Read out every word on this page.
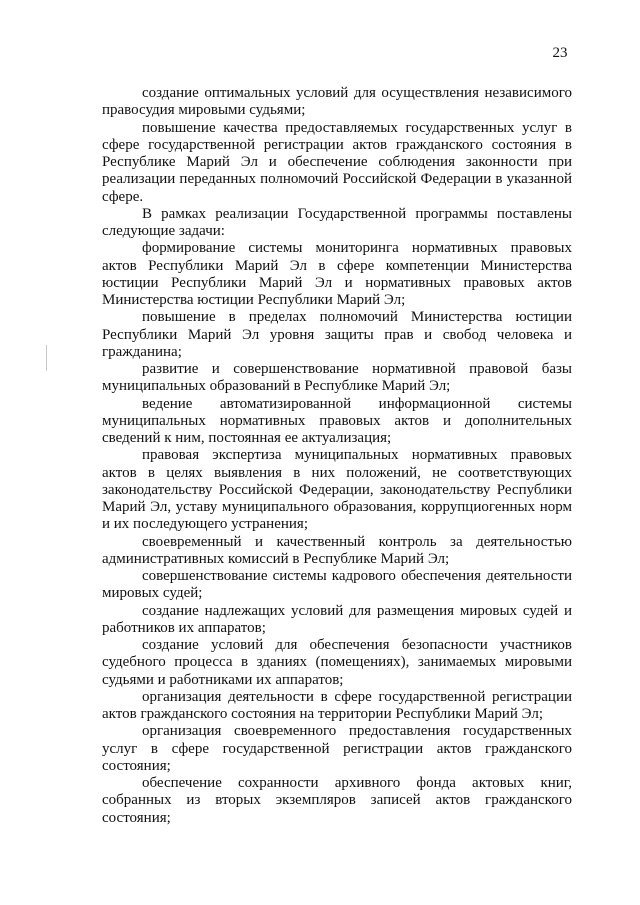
23

создание оптимальных условий для осуществления независимого правосудия мировыми судьями;

повышение качества предоставляемых государственных услуг в сфере государственной регистрации актов гражданского состояния в Республике Марий Эл и обеспечение соблюдения законности при реализации переданных полномочий Российской Федерации в указанной сфере.

В рамках реализации Государственной программы поставлены следующие задачи:

формирование системы мониторинга нормативных правовых актов Республики Марий Эл в сфере компетенции Министерства юстиции Республики Марий Эл и нормативных правовых актов Министерства юстиции Республики Марий Эл;

повышение в пределах полномочий Министерства юстиции Республики Марий Эл уровня защиты прав и свобод человека и гражданина;

развитие и совершенствование нормативной правовой базы муниципальных образований в Республике Марий Эл;

ведение автоматизированной информационной системы муниципальных нормативных правовых актов и дополнительных сведений к ним, постоянная ее актуализация;

правовая экспертиза муниципальных нормативных правовых актов в целях выявления в них положений, не соответствующих законодательству Российской Федерации, законодательству Республики Марий Эл, уставу муниципального образования, коррупциогенных норм и их последующего устранения;

своевременный и качественный контроль за деятельностью административных комиссий в Республике Марий Эл;

совершенствование системы кадрового обеспечения деятельности мировых судей;

создание надлежащих условий для размещения мировых судей и работников их аппаратов;

создание условий для обеспечения безопасности участников судебного процесса в зданиях (помещениях), занимаемых мировыми судьями и работниками их аппаратов;

организация деятельности в сфере государственной регистрации актов гражданского состояния на территории Республики Марий Эл;

организация своевременного предоставления государственных услуг в сфере государственной регистрации актов гражданского состояния;

обеспечение сохранности архивного фонда актовых книг, собранных из вторых экземпляров записей актов гражданского состояния;
